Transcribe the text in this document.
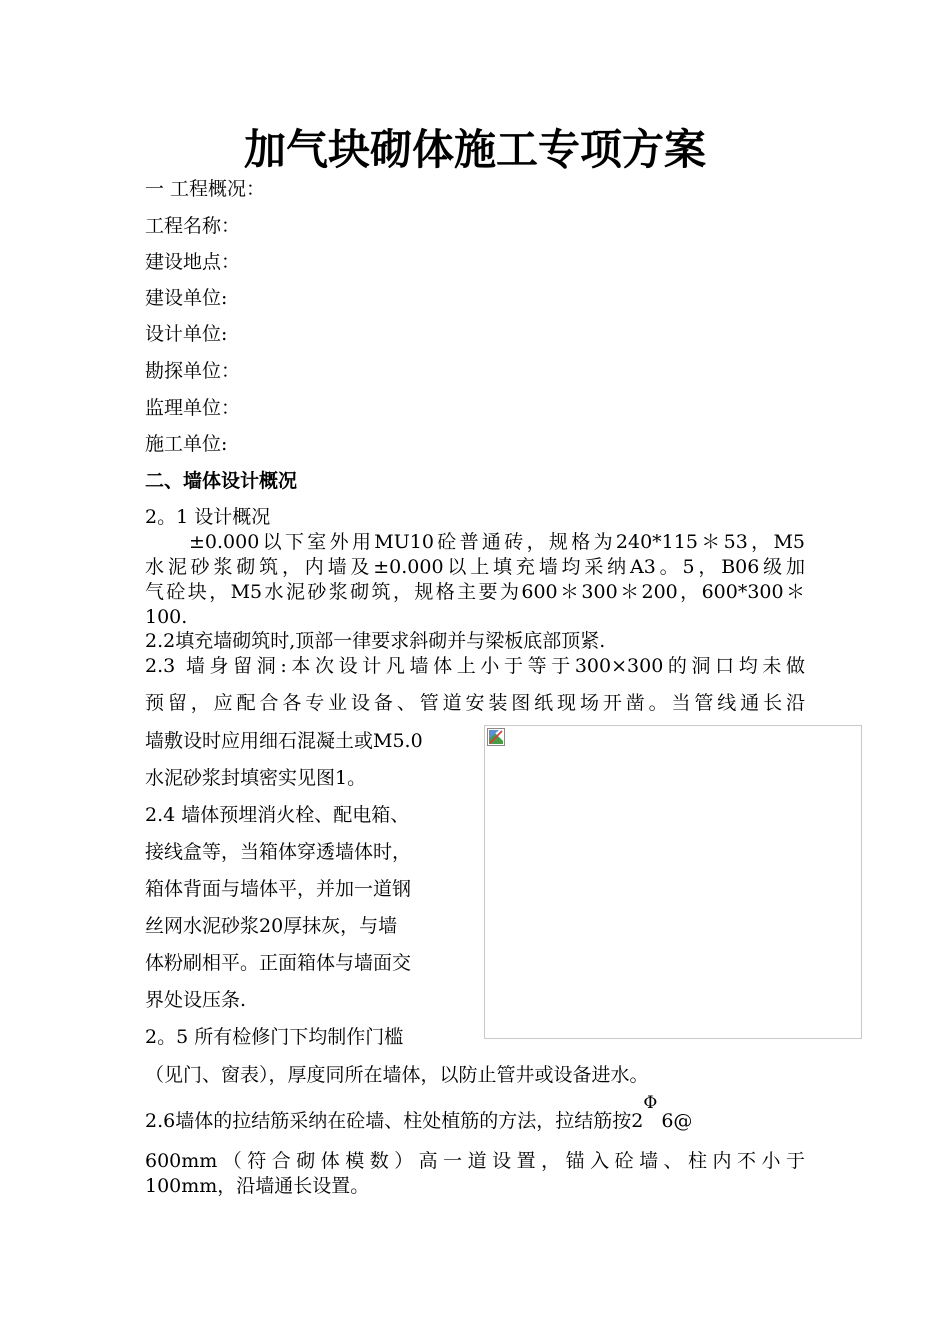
加气块砌体施工专项方案
一 工程概况：
工程名称：
建设地点：
建设单位:
设计单位:
勘探单位：
监理单位：
施工单位:
二、墙体设计概况
2。1 设计概况
±0.000以下室外用MU10砼普通砖，规格为240*115＊53，M5
水泥砂浆砌筑，内墙及±0.000以上填充墙均采纳A3。5，B06级加
气砼块，M5水泥砂浆砌筑，规格主要为600＊300＊200，600*300＊
100.
2.2填充墙砌筑时,顶部一律要求斜砌并与梁板底部顶紧.
2.3 墙身留洞:本次设计凡墙体上小于等于300×300的洞口均未做
预留，应配合各专业设备、管道安装图纸现场开凿。当管线通长沿
墙敷设时应用细石混凝土或M5.0
水泥砂浆封填密实见图1。
2.4 墙体预埋消火栓、配电箱、
接线盒等，当箱体穿透墙体时，
箱体背面与墙体平，并加一道钢
丝网水泥砂浆20厚抹灰，与墙
体粉刷相平。正面箱体与墙面交
界处设压条.
2。5 所有检修门下均制作门槛
（见门、窗表），厚度同所在墙体，以防止管井或设备进水。
2.6墙体的拉结筋采纳在砼墙、柱处植筋的方法，拉结筋按2
Φ
6@
600mm（符合砌体模数）高一道设置，锚入砼墙、柱内不小于
100mm，沿墙通长设置。
